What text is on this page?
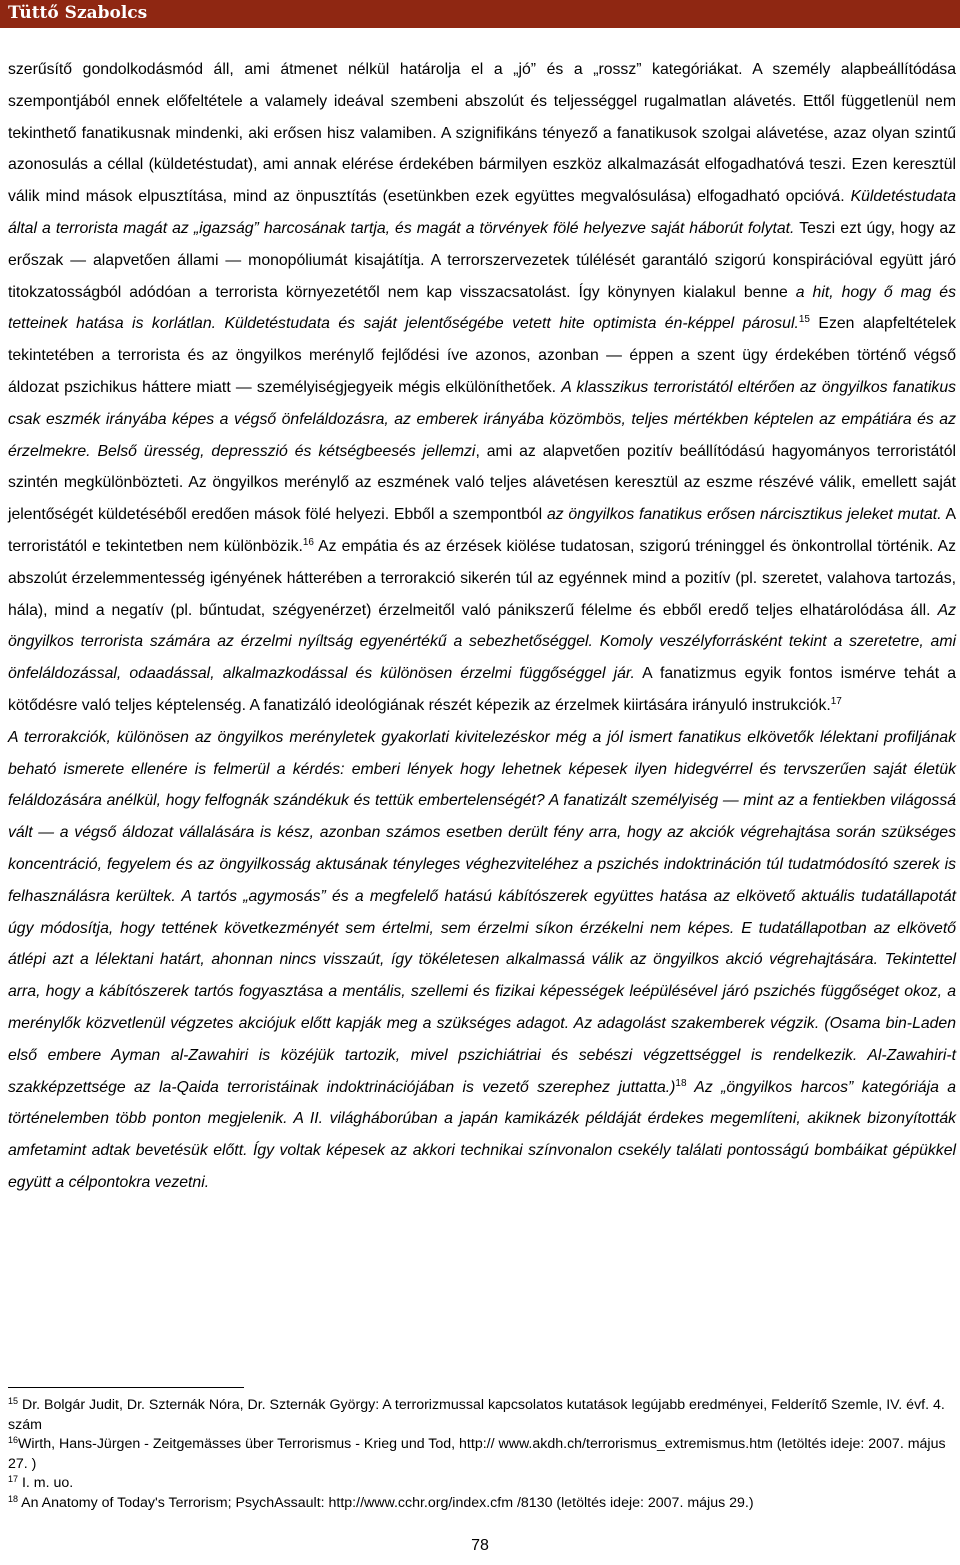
Tüttő Szabolcs

szerűsítő gondolkodásmód áll, ami átmenet nélkül határolja el a „jó” és a „rossz” kategóriákat. A személy alapbeállítódása szempontjából ennek előfeltétele a valamely ideával szembeni abszolút és teljességgel rugalmatlan alávetés. Ettől függetlenül nem tekinthető fanatikusnak mindenki, aki erősen hisz valamiben. A szignifikáns tényező a fanatikusok szolgai alávetése, azaz olyan szintű azonosulás a céllal (küldetéstudat), ami annak elérése érdekében bármilyen eszköz alkalmazását elfogadhatóvá teszi. Ezen keresztül válik mind mások elpusztítása, mind az önpusztítás (esetünkben ezek együttes megvalósulása) elfogadható opcióvá. Küldetéstudata által a terrorista magát az „igazság” harcosának tartja, és magát a törvények fölé helyezve saját háborút folytat. Teszi ezt úgy, hogy az erőszak — alapvetően állami — monopóliumát kisajátítja. A terrorszervezetek túlélését garantáló szigorú konspirációval együtt járó titokzatosságból adódóan a terrorista környezetétől nem kap visszacsatolást. Így könynyen kialakul benne a hit, hogy ő mag és tetteinek hatása is korlátlan. Küldetéstudata és saját jelentőségébe vetett hite optimista én-képpel párosul.$^{15}$ Ezen alapfeltételek tekintetében a terrorista és az öngyilkos merénylő fejlődési íve azonos, azonban — éppen a szent ügy érdekében történő végső áldozat pszichikus háttere miatt — személyiségjegyeik mégis elkülöníthetőek. A klasszikus terroristától eltérően az öngyilkos fanatikus csak eszmék irányába képes a végső önfeláldozásra, az emberek irányába közömbös, teljes mértékben képtelen az empátiára és az érzelmekre. Belső üresség, depresszió és kétségbeesés jellemzi, ami az alapvetően pozitív beállítódású hagyományos terroristától szintén megkülönbözteti. Az öngyilkos merénylő az eszmének való teljes alávetésen keresztül az eszme részévé válik, emellett saját jelentőségét küldetéséből eredően mások fölé helyezi. Ebből a szempontból az öngyilkos fanatikus erősen nárcisztikus jeleket mutat. A terroristától e tekintetben nem különbözik.$^{16}$ Az empátia és az érzések kiölése tudatosan, szigorú tréninggel és önkontrollal történik. Az abszolút érzelemmentesség igényének hátterében a terrorakció sikerén túl az egyénnek mind a pozitív (pl. szeretet, valahova tartozás, hála), mind a negatív (pl. bűntudat, szégyenérzet) érzelmeitől való pánikszerű félelme és ebből eredő teljes elhatárolódása áll. Az öngyilkos terrorista számára az érzelmi nyíltság egyenértékű a sebezhetőséggel. Komoly veszélyforrásként tekint a szeretetre, ami önfeláldozással, odaadással, alkalmazkodással és különösen érzelmi függőséggel jár. A fanatizmus egyik fontos ismérve tehát a kötődésre való teljes képtelenség. A fanatizáló ideológiának részét képezik az érzelmek kiirtására irányuló instrukciók.$^{17}$

A terrorakciók, különösen az öngyilkos merényletek gyakorlati kivitelezéskor még a jól ismert fanatikus elkövetők lélektani profiljának beható ismerete ellenére is felmerül a kérdés: emberi lények hogy lehetnek képesek ilyen hidegvérrel és tervszerűen saját életük feláldozására anélkül, hogy felfognák szándékuk és tettük embertelenségét? A fanatizált személyiség — mint az a fentiekben világossá vált — a végső áldozat vállalására is kész, azonban számos esetben derült fény arra, hogy az akciók végrehajtása során szükséges koncentráció, fegyelem és az öngyilkosság aktusának tényleges véghezviteléhez a pszichés indoktrináción túl tudatmódosító szerek is felhasználásra kerültek. A tartós „agymosás” és a megfelelő hatású kábítószerek együttes hatása az elkövető aktuális tudatállapotát úgy módosítja, hogy tettének következményét sem értelmi, sem érzelmi síkon érzékelni nem képes. E tudatállapotban az elkövető átlépi azt a lélektani határt, ahonnan nincs visszaút, így tökéletesen alkalmassá válik az öngyilkos akció végrehajtására. Tekintettel arra, hogy a kábítószerek tartós fogyasztása a mentális, szellemi és fizikai képességek leépülésével járó pszichés függőséget okoz, a merénylők közvetlenül végzetes akciójuk előtt kapják meg a szükséges adagot. Az adagolást szakemberek végzik. (Osama bin-Laden első embere Ayman al-Zawahiri is közéjük tartozik, mivel pszichiátriai és sebészi végzettséggel is rendelkezik. Al-Zawahiri-t szakképzettsége az la-Qaida terroristáinak indoktrinációjában is vezető szerephez juttatta.)$^{18}$ Az „öngyilkos harcos” kategóriája a történelemben több ponton megjelenik. A II. világháborúban a japán kamikázék példáját érdekes megemlíteni, akiknek bizonyították amfetamint adtak bevetésük előtt. Így voltak képesek az akkori technikai színvonalon csekély találati pontosságú bombáikat gépükkel együtt a célpontokra vezetni.

$^{15}$ Dr. Bolgár Judit, Dr. Szternák Nóra, Dr. Szternák György: A terrorizmussal kapcsolatos kutatások legújabb eredményei, Felderítő Szemle, IV. évf. 4. szám
$^{16}$Wirth, Hans-Jürgen - Zeitgemässes über Terrorismus - Krieg und Tod, http:// www.akdh.ch/terrorismus_extremismus.htm (letöltés ideje: 2007. május 27. )
$^{17}$ I. m. uo.
$^{18}$ An Anatomy of Today's Terrorism; PsychAssault: http://www.cchr.org/index.cfm /8130 (letöltés ideje: 2007. május 29.)
78
